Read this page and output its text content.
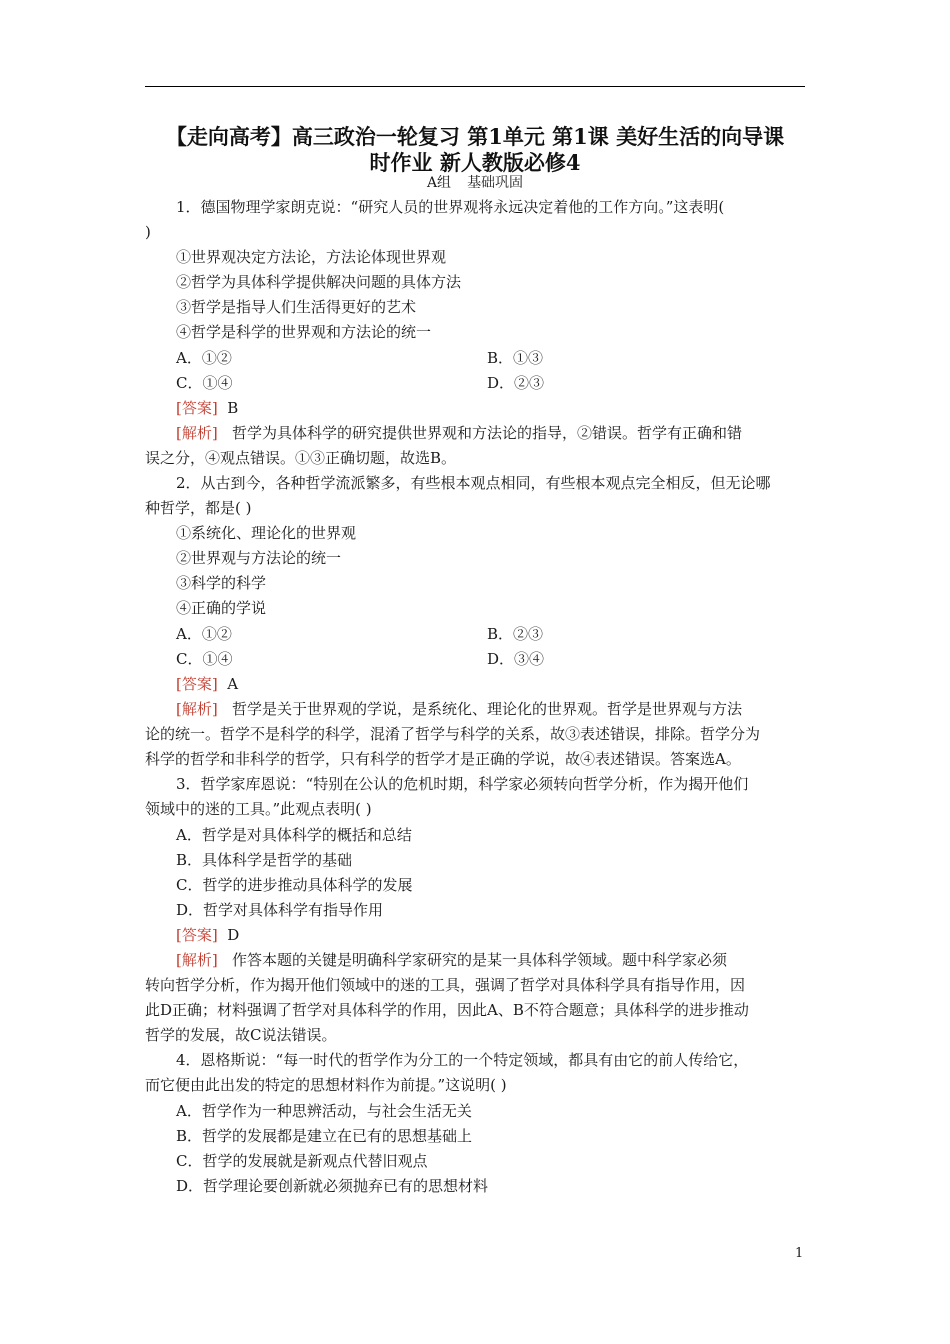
【走向高考】高三政治一轮复习 第1单元 第1课 美好生活的向导课
时作业 新人教版必修4
A组 基础巩固
1．德国物理学家朗克说：“研究人员的世界观将永远决定着他的工作方向。”这表明(
)
①世界观决定方法论，方法论体现世界观
②哲学为具体科学提供解决问题的具体方法
③哲学是指导人们生活得更好的艺术
④哲学是科学的世界观和方法论的统一
A．①②	B．①③
C．①④	D．②③
[答案] B
[解析] 哲学为具体科学的研究提供世界观和方法论的指导，②错误。哲学有正确和错
误之分，④观点错误。①③正确切题，故选B。
2．从古到今，各种哲学流派繁多，有些根本观点相同，有些根本观点完全相反，但无论哪
种哲学，都是( )
①系统化、理论化的世界观
②世界观与方法论的统一
③科学的科学
④正确的学说
A．①②	B．②③
C．①④	D．③④
[答案] A
[解析] 哲学是关于世界观的学说，是系统化、理论化的世界观。哲学是世界观与方法
论的统一。哲学不是科学的科学，混淆了哲学与科学的关系，故③表述错误，排除。哲学分为
科学的哲学和非科学的哲学，只有科学的哲学才是正确的学说，故④表述错误。答案选A。
3．哲学家库恩说：“特别在公认的危机时期，科学家必须转向哲学分析，作为揭开他们
领域中的迷的工具。”此观点表明( )
A．哲学是对具体科学的概括和总结
B．具体科学是哲学的基础
C．哲学的进步推动具体科学的发展
D．哲学对具体科学有指导作用
[答案] D
[解析] 作答本题的关键是明确科学家研究的是某一具体科学领域。题中科学家必须
转向哲学分析，作为揭开他们领域中的迷的工具，强调了哲学对具体科学具有指导作用，因
此D正确；材料强调了哲学对具体科学的作用，因此A、B不符合题意；具体科学的进步推动
哲学的发展，故C说法错误。
4．恩格斯说：“每一时代的哲学作为分工的一个特定领域，都具有由它的前人传给它，
而它便由此出发的特定的思想材料作为前提。”这说明( )
A．哲学作为一种思辨活动，与社会生活无关
B．哲学的发展都是建立在已有的思想基础上
C．哲学的发展就是新观点代替旧观点
D．哲学理论要创新就必须抛弃已有的思想材料
1
